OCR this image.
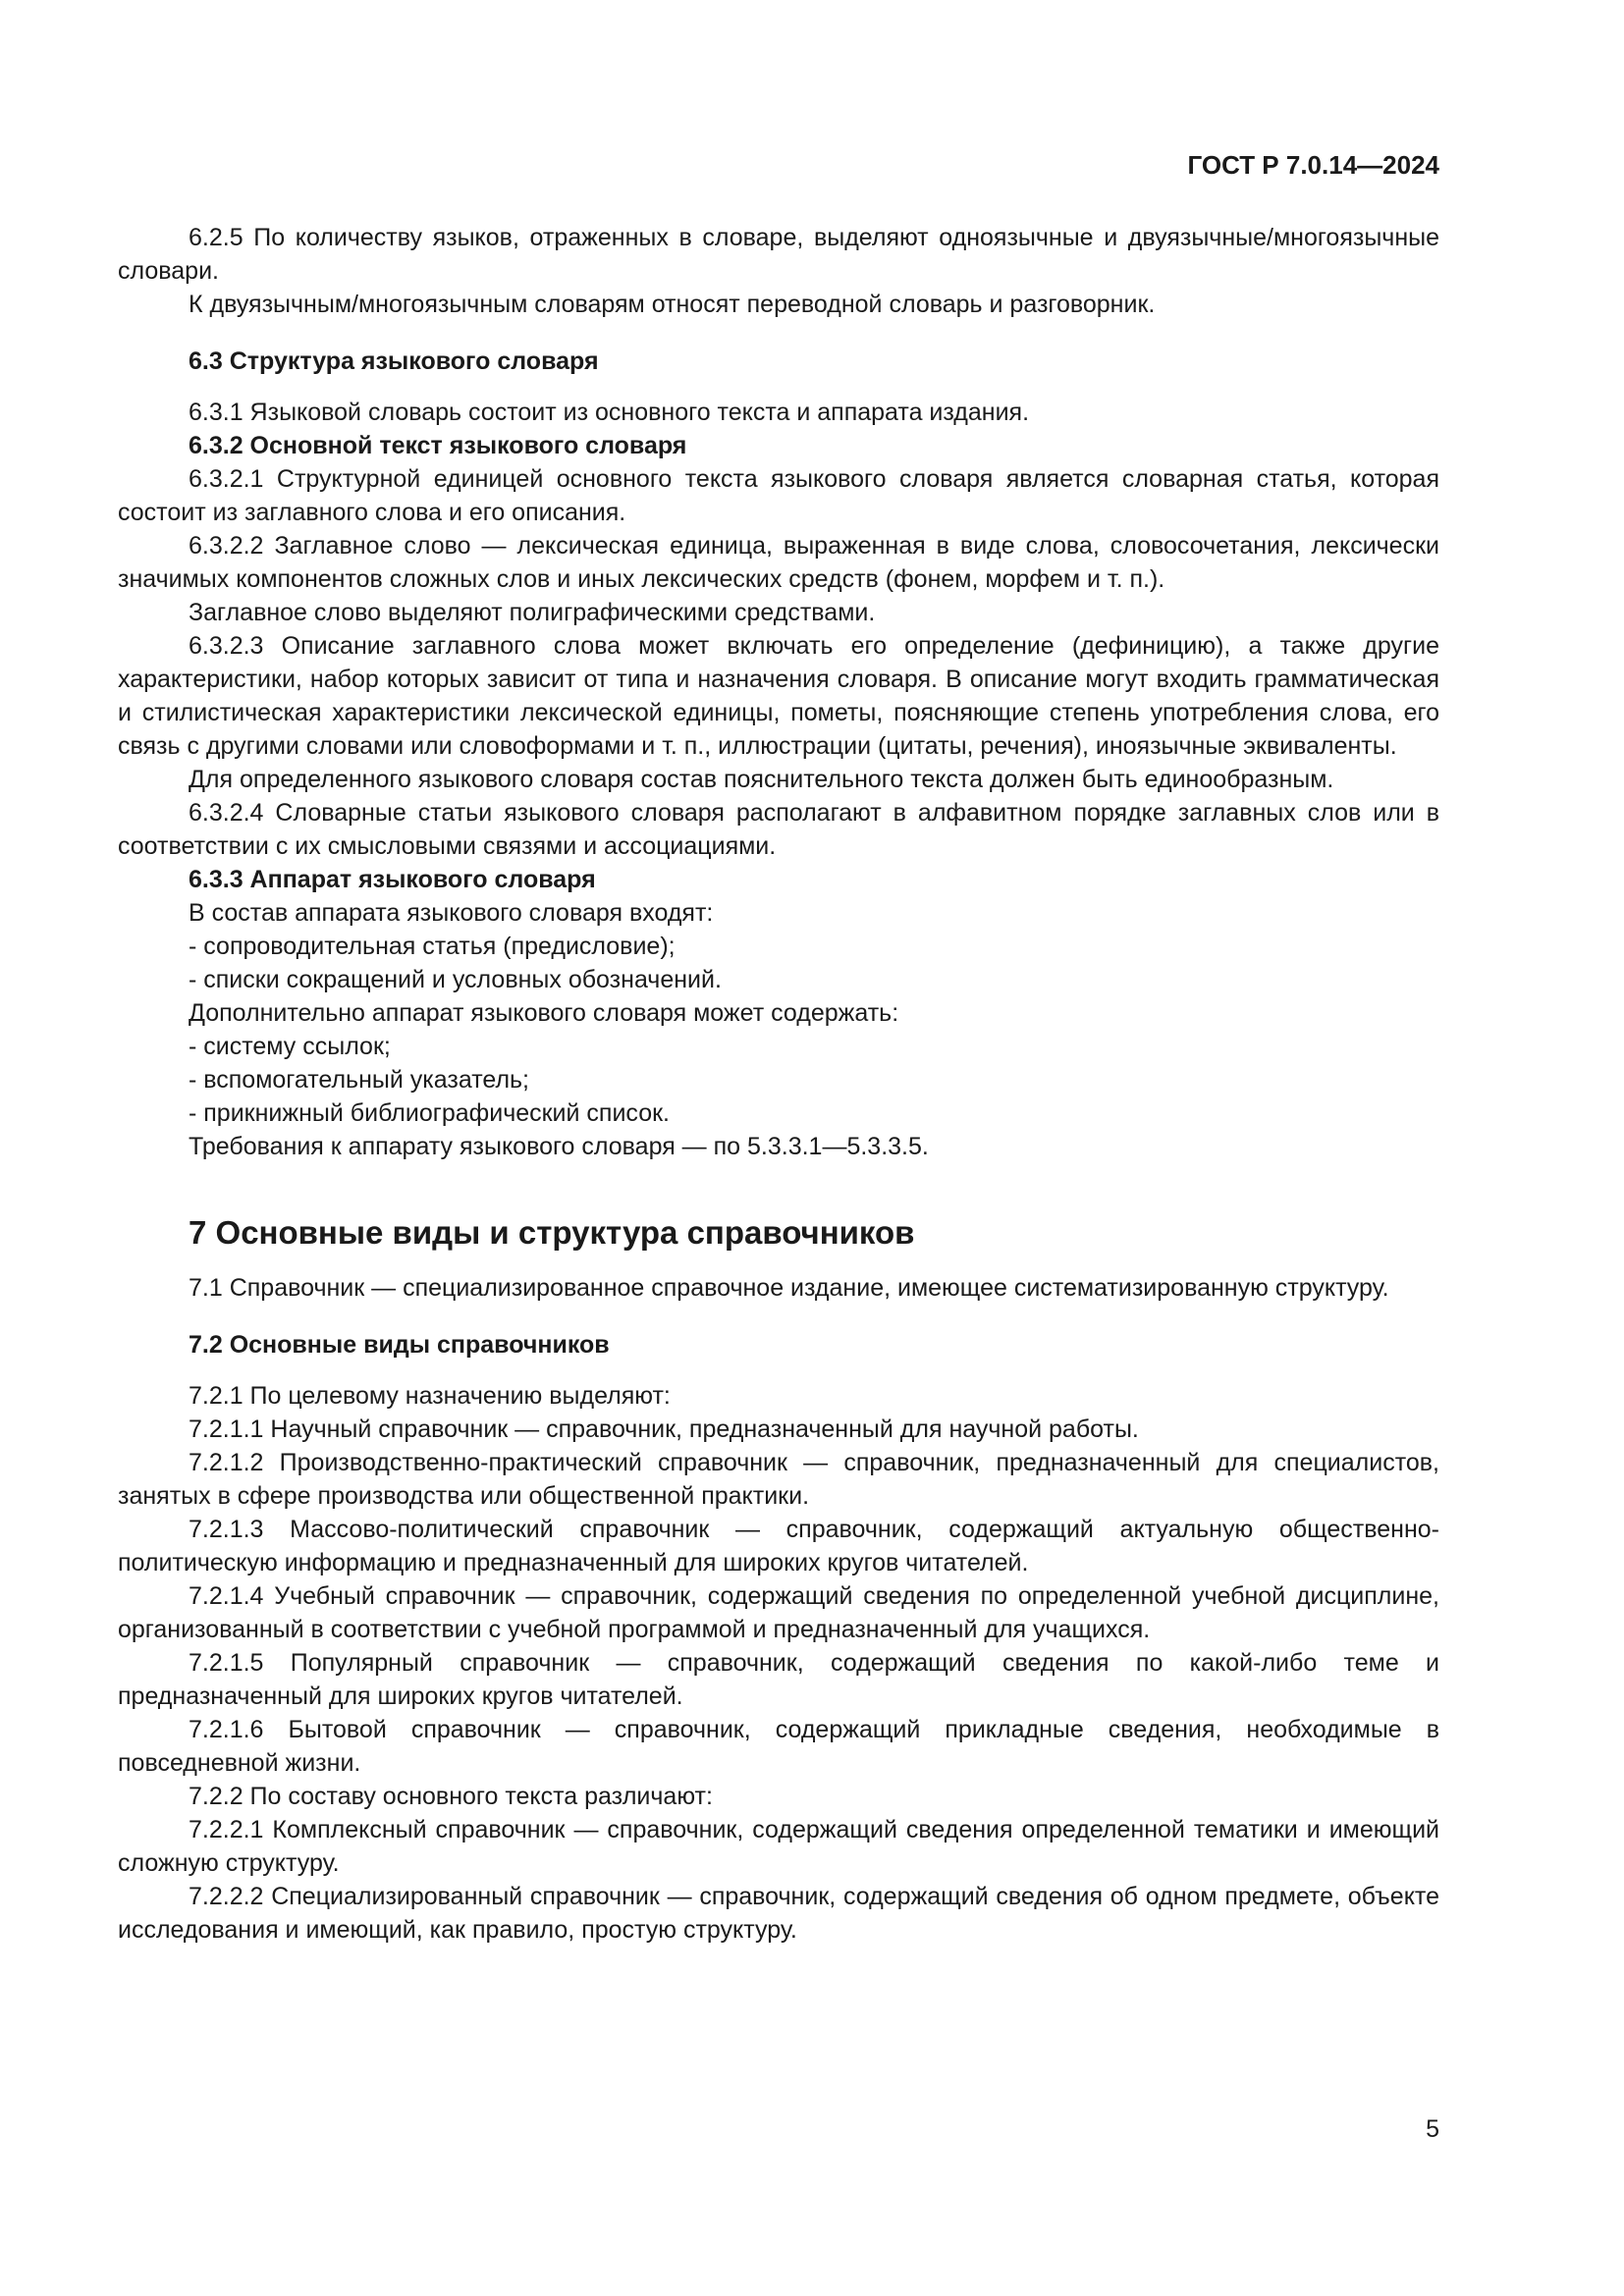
ГОСТ Р 7.0.14—2024

6.2.5 По количеству языков, отраженных в словаре, выделяют одноязычные и двуязычные/многоязычные словари.

К двуязычным/многоязычным словарям относят переводной словарь и разговорник.

6.3 Структура языкового словаря

6.3.1 Языковой словарь состоит из основного текста и аппарата издания.

6.3.2 Основной текст языкового словаря

6.3.2.1 Структурной единицей основного текста языкового словаря является словарная статья, которая состоит из заглавного слова и его описания.

6.3.2.2 Заглавное слово — лексическая единица, выраженная в виде слова, словосочетания, лексически значимых компонентов сложных слов и иных лексических средств (фонем, морфем и т. п.).

Заглавное слово выделяют полиграфическими средствами.

6.3.2.3 Описание заглавного слова может включать его определение (дефиницию), а также другие характеристики, набор которых зависит от типа и назначения словаря. В описание могут входить грамматическая и стилистическая характеристики лексической единицы, пометы, поясняющие степень употребления слова, его связь с другими словами или словоформами и т. п., иллюстрации (цитаты, речения), иноязычные эквиваленты.

Для определенного языкового словаря состав пояснительного текста должен быть единообразным.

6.3.2.4 Словарные статьи языкового словаря располагают в алфавитном порядке заглавных слов или в соответствии с их смысловыми связями и ассоциациями.

6.3.3 Аппарат языкового словаря

В состав аппарата языкового словаря входят:

- сопроводительная статья (предисловие);

- списки сокращений и условных обозначений.

Дополнительно аппарат языкового словаря может содержать:

- систему ссылок;

- вспомогательный указатель;

- прикнижный библиографический список.

Требования к аппарату языкового словаря — по 5.3.3.1—5.3.3.5.

7 Основные виды и структура справочников

7.1 Справочник — специализированное справочное издание, имеющее систематизированную структуру.

7.2 Основные виды справочников

7.2.1 По целевому назначению выделяют:

7.2.1.1 Научный справочник — справочник, предназначенный для научной работы.

7.2.1.2 Производственно-практический справочник — справочник, предназначенный для специалистов, занятых в сфере производства или общественной практики.

7.2.1.3 Массово-политический справочник — справочник, содержащий актуальную общественно-политическую информацию и предназначенный для широких кругов читателей.

7.2.1.4 Учебный справочник — справочник, содержащий сведения по определенной учебной дисциплине, организованный в соответствии с учебной программой и предназначенный для учащихся.

7.2.1.5 Популярный справочник — справочник, содержащий сведения по какой-либо теме и предназначенный для широких кругов читателей.

7.2.1.6 Бытовой справочник — справочник, содержащий прикладные сведения, необходимые в повседневной жизни.

7.2.2 По составу основного текста различают:

7.2.2.1 Комплексный справочник — справочник, содержащий сведения определенной тематики и имеющий сложную структуру.

7.2.2.2 Специализированный справочник — справочник, содержащий сведения об одном предмете, объекте исследования и имеющий, как правило, простую структуру.

5
